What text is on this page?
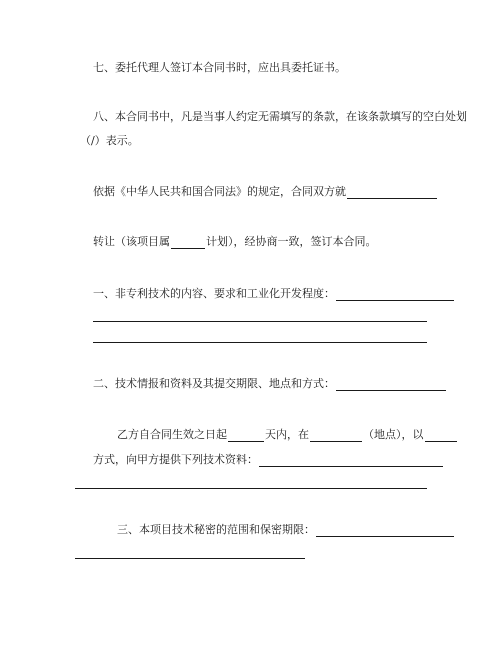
七、委托代理人签订本合同书时，应出具委托证书。
八、本合同书中，凡是当事人约定无需填写的条款，在该条款填写的空白处划
（/）表示。
依据《中华人民共和国合同法》的规定，合同双方就
转让（该项目属	计划），经协商一致，签订本合同。
一、非专利技术的内容、要求和工业化开发程度：
二、技术情报和资料及其提交期限、地点和方式：
乙方自合同生效之日起	天内，在	（地点），以
方式，向甲方提供下列技术资料：
三、本项目技术秘密的范围和保密期限：
